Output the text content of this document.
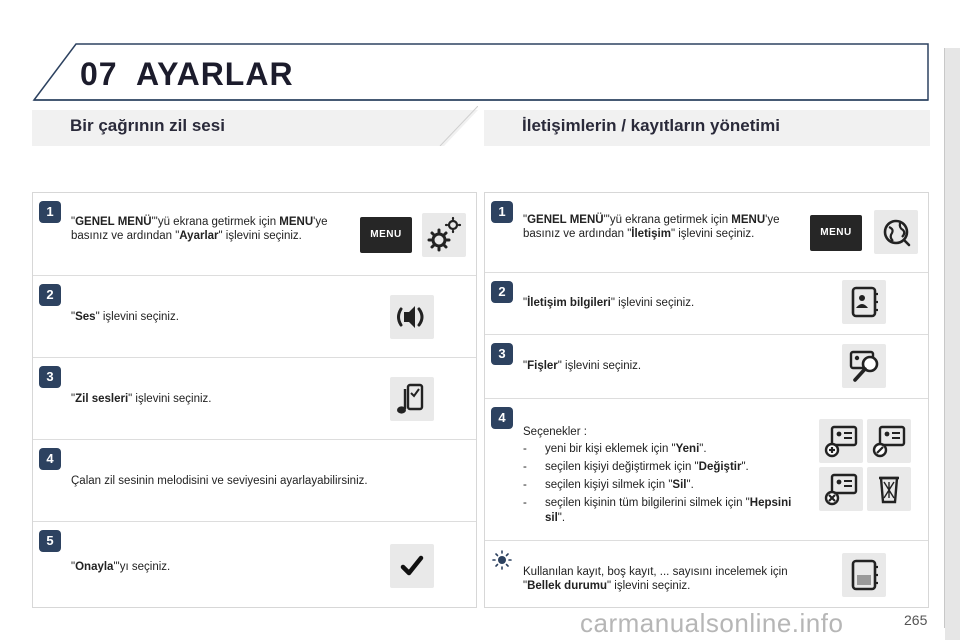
07 AYARLAR
Bir çağrının zil sesi	İletişimlerin / kayıtların yönetimi
1
"GENEL MENÜ"'yü ekrana getirmek için MENU'ye basınız ve ardından "Ayarlar" işlevini seçiniz.	MENU
2
"Ses" işlevini seçiniz.
3
"Zil sesleri" işlevini seçiniz.
4
Çalan zil sesinin melodisini ve seviyesini ayarlayabilirsiniz.
5
"Onayla"'yı seçiniz.
1
"GENEL MENÜ"'yü ekrana getirmek için MENU'ye basınız ve ardından "İletişim" işlevini seçiniz.	MENU
2
"İletişim bilgileri" işlevini seçiniz.
3
"Fişler" işlevini seçiniz.
4
Seçenekler :
- yeni bir kişi eklemek için "Yeni".
- seçilen kişiyi değiştirmek için "Değiştir".
- seçilen kişiyi silmek için "Sil".
- seçilen kişinin tüm bilgilerini silmek için "Hepsini sil".
Kullanılan kayıt, boş kayıt, ... sayısını incelemek için "Bellek durumu" işlevini seçiniz.
carmanualsonline.info	265
